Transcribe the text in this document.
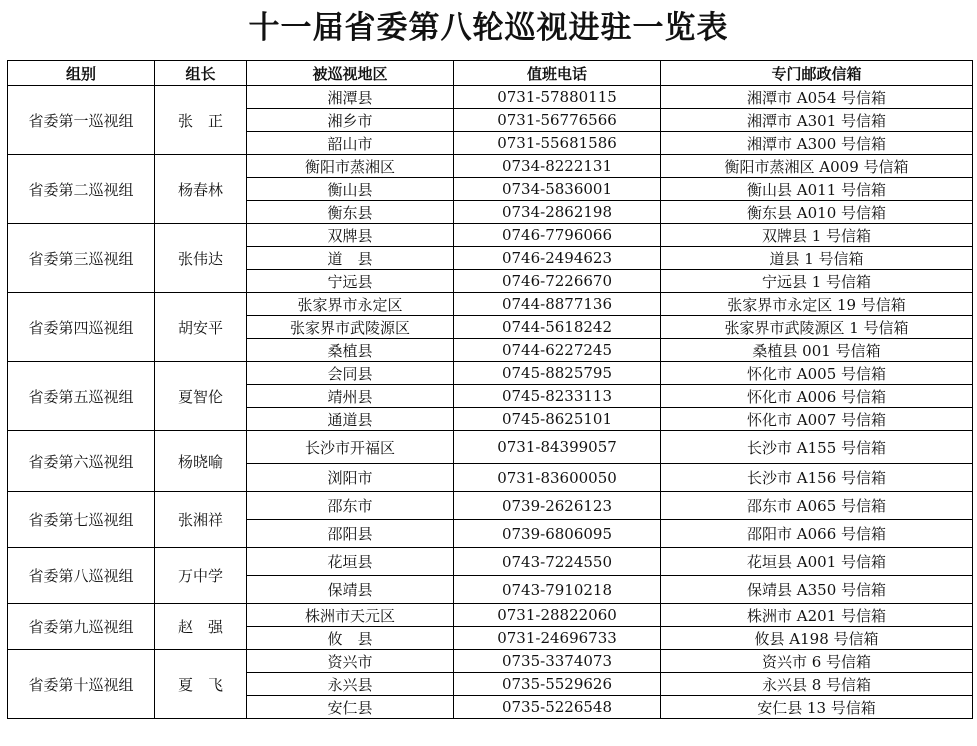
十一届省委第八轮巡视进驻一览表
组别	组长	被巡视地区	值班电话	专门邮政信箱
省委第一巡视组	张　正	湘潭县	0731-57880115	湘潭市 A054 号信箱
		湘乡市	0731-56776566	湘潭市 A301 号信箱
		韶山市	0731-55681586	湘潭市 A300 号信箱
省委第二巡视组	杨春林	衡阳市蒸湘区	0734-8222131	衡阳市蒸湘区 A009 号信箱
		衡山县	0734-5836001	衡山县 A011 号信箱
		衡东县	0734-2862198	衡东县 A010 号信箱
省委第三巡视组	张伟达	双牌县	0746-7796066	双牌县 1 号信箱
		道　县	0746-2494623	道县 1 号信箱
		宁远县	0746-7226670	宁远县 1 号信箱
省委第四巡视组	胡安平	张家界市永定区	0744-8877136	张家界市永定区 19 号信箱
		张家界市武陵源区	0744-5618242	张家界市武陵源区 1 号信箱
		桑植县	0744-6227245	桑植县 001 号信箱
省委第五巡视组	夏智伦	会同县	0745-8825795	怀化市 A005 号信箱
		靖州县	0745-8233113	怀化市 A006 号信箱
		通道县	0745-8625101	怀化市 A007 号信箱
省委第六巡视组	杨晓喻	长沙市开福区	0731-84399057	长沙市 A155 号信箱
		浏阳市	0731-83600050	长沙市 A156 号信箱
省委第七巡视组	张湘祥	邵东市	0739-2626123	邵东市 A065 号信箱
		邵阳县	0739-6806095	邵阳市 A066 号信箱
省委第八巡视组	万中学	花垣县	0743-7224550	花垣县 A001 号信箱
		保靖县	0743-7910218	保靖县 A350 号信箱
省委第九巡视组	赵　强	株洲市天元区	0731-28822060	株洲市 A201 号信箱
		攸　县	0731-24696733	攸县 A198 号信箱
省委第十巡视组	夏　飞	资兴市	0735-3374073	资兴市 6 号信箱
		永兴县	0735-5529626	永兴县 8 号信箱
		安仁县	0735-5226548	安仁县 13 号信箱
